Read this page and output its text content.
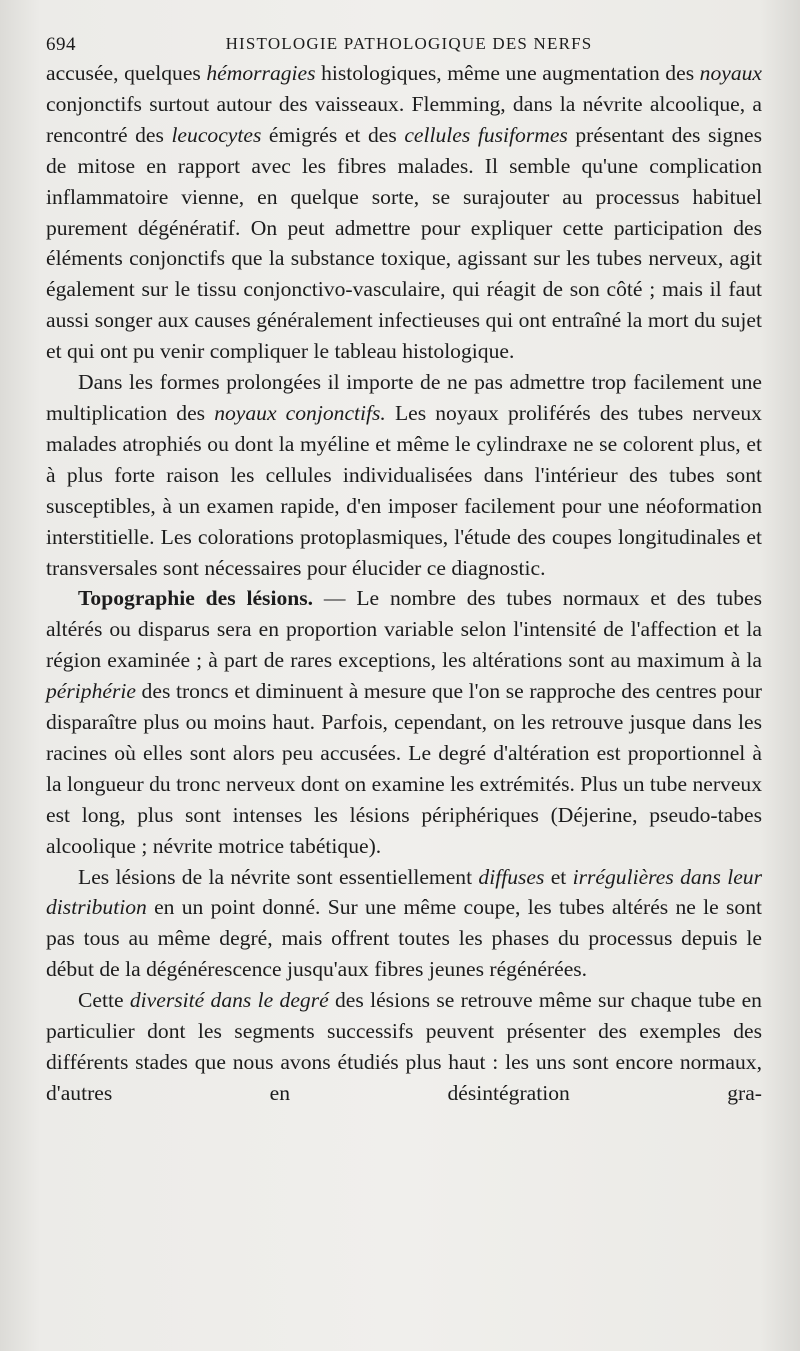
694	HISTOLOGIE PATHOLOGIQUE DES NERFS

accusée, quelques hémorragies histologiques, même une augmentation des noyaux conjonctifs surtout autour des vaisseaux. Flemming, dans la névrite alcoolique, a rencontré des leucocytes émigrés et des cellules fusiformes présentant des signes de mitose en rapport avec les fibres malades. Il semble qu'une complication inflammatoire vienne, en quelque sorte, se surajouter au processus habituel purement dégénératif. On peut admettre pour expliquer cette participation des éléments conjonctifs que la substance toxique, agissant sur les tubes nerveux, agit également sur le tissu conjonctivo-vasculaire, qui réagit de son côté ; mais il faut aussi songer aux causes généralement infectieuses qui ont entraîné la mort du sujet et qui ont pu venir compliquer le tableau histologique.

Dans les formes prolongées il importe de ne pas admettre trop facilement une multiplication des noyaux conjonctifs. Les noyaux proliférés des tubes nerveux malades atrophiés ou dont la myéline et même le cylindraxe ne se colorent plus, et à plus forte raison les cellules individualisées dans l'intérieur des tubes sont susceptibles, à un examen rapide, d'en imposer facilement pour une néoformation interstitielle. Les colorations protoplasmiques, l'étude des coupes longitudinales et transversales sont nécessaires pour élucider ce diagnostic.

Topographie des lésions. — Le nombre des tubes normaux et des tubes altérés ou disparus sera en proportion variable selon l'intensité de l'affection et la région examinée ; à part de rares exceptions, les altérations sont au maximum à la périphérie des troncs et diminuent à mesure que l'on se rapproche des centres pour disparaître plus ou moins haut. Parfois, cependant, on les retrouve jusque dans les racines où elles sont alors peu accusées. Le degré d'altération est proportionnel à la longueur du tronc nerveux dont on examine les extrémités. Plus un tube nerveux est long, plus sont intenses les lésions périphériques (Déjerine, pseudo-tabes alcoolique ; névrite motrice tabétique).

Les lésions de la névrite sont essentiellement diffuses et irrégulières dans leur distribution en un point donné. Sur une même coupe, les tubes altérés ne le sont pas tous au même degré, mais offrent toutes les phases du processus depuis le début de la dégénérescence jusqu'aux fibres jeunes régénérées.

Cette diversité dans le degré des lésions se retrouve même sur chaque tube en particulier dont les segments successifs peuvent présenter des exemples des différents stades que nous avons étudiés plus haut : les uns sont encore normaux, d'autres en désintégration gra-
